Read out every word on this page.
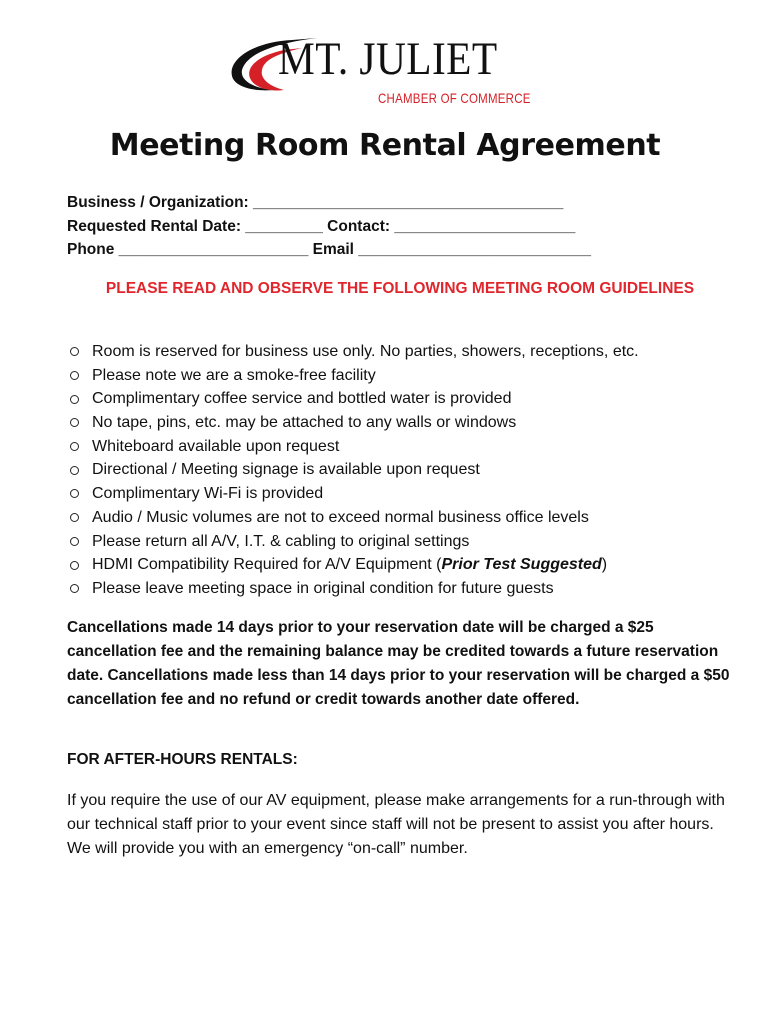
MT. JULIET
CHAMBER OF COMMERCE
Meeting Room Rental Agreement
Business / Organization: ____________________________________
Requested Rental Date: _________ Contact: _____________________
Phone ______________________ Email ___________________________
PLEASE READ AND OBSERVE THE FOLLOWING MEETING ROOM GUIDELINES
Room is reserved for business use only. No parties, showers, receptions, etc.
Please note we are a smoke-free facility
Complimentary coffee service and bottled water is provided
No tape, pins, etc. may be attached to any walls or windows
Whiteboard available upon request
Directional / Meeting signage is available upon request
Complimentary Wi-Fi is provided
Audio / Music volumes are not to exceed normal business office levels
Please return all A/V, I.T. & cabling to original settings
HDMI Compatibility Required for A/V Equipment (Prior Test Suggested)
Please leave meeting space in original condition for future guests
Cancellations made 14 days prior to your reservation date will be charged a $25 cancellation fee and the remaining balance may be credited towards a future reservation date. Cancellations made less than 14 days prior to your reservation will be charged a $50 cancellation fee and no refund or credit towards another date offered.
FOR AFTER-HOURS RENTALS:
If you require the use of our AV equipment, please make arrangements for a run-through with our technical staff prior to your event since staff will not be present to assist you after hours. We will provide you with an emergency “on-call” number.
